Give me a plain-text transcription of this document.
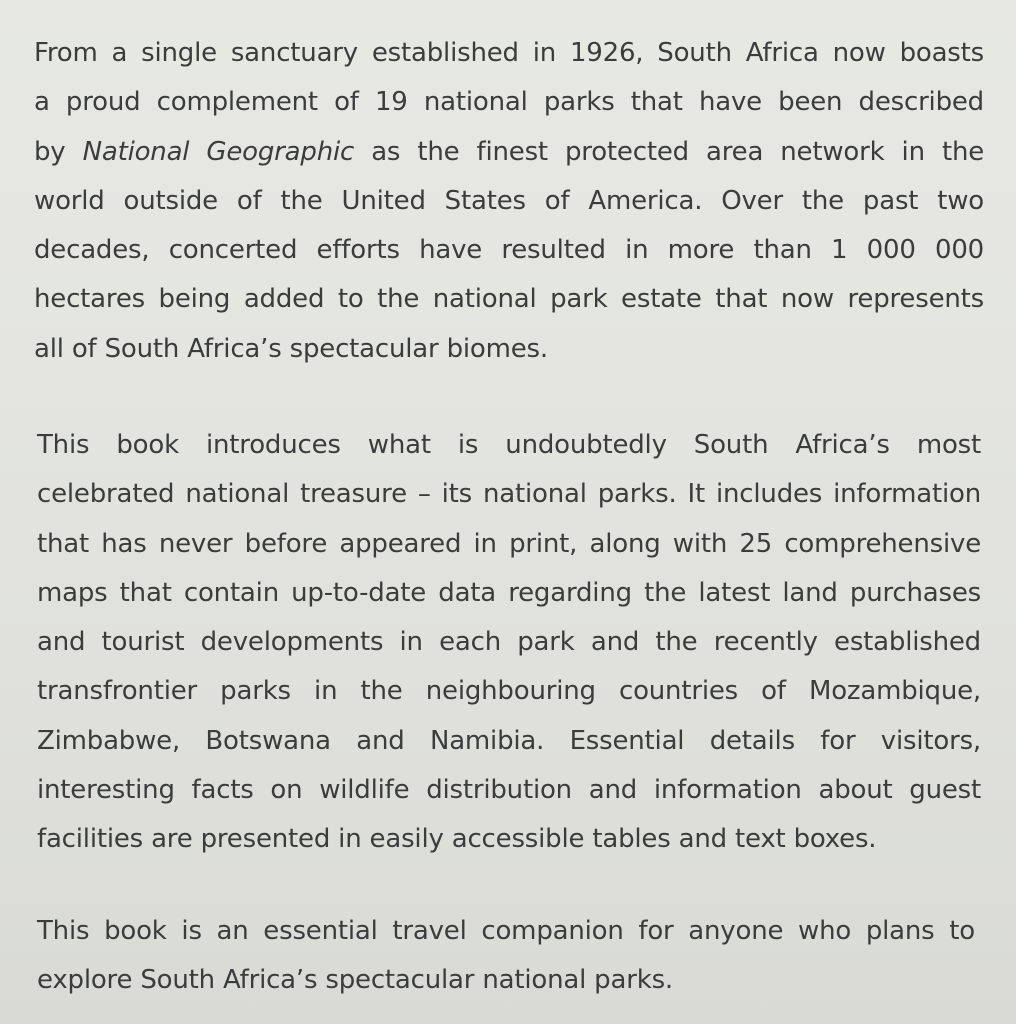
From a single sanctuary established in 1926, South Africa now boasts
a proud complement of 19 national parks that have been described
by National Geographic as the finest protected area network in the
world outside of the United States of America. Over the past two
decades, concerted efforts have resulted in more than 1 000 000
hectares being added to the national park estate that now represents
all of South Africa’s spectacular biomes.

This book introduces what is undoubtedly South Africa’s most
celebrated national treasure – its national parks. It includes information
that has never before appeared in print, along with 25 comprehensive
maps that contain up-to-date data regarding the latest land purchases
and tourist developments in each park and the recently established
transfrontier parks in the neighbouring countries of Mozambique,
Zimbabwe, Botswana and Namibia. Essential details for visitors,
interesting facts on wildlife distribution and information about guest
facilities are presented in easily accessible tables and text boxes.

This book is an essential travel companion for anyone who plans to
explore South Africa’s spectacular national parks.
